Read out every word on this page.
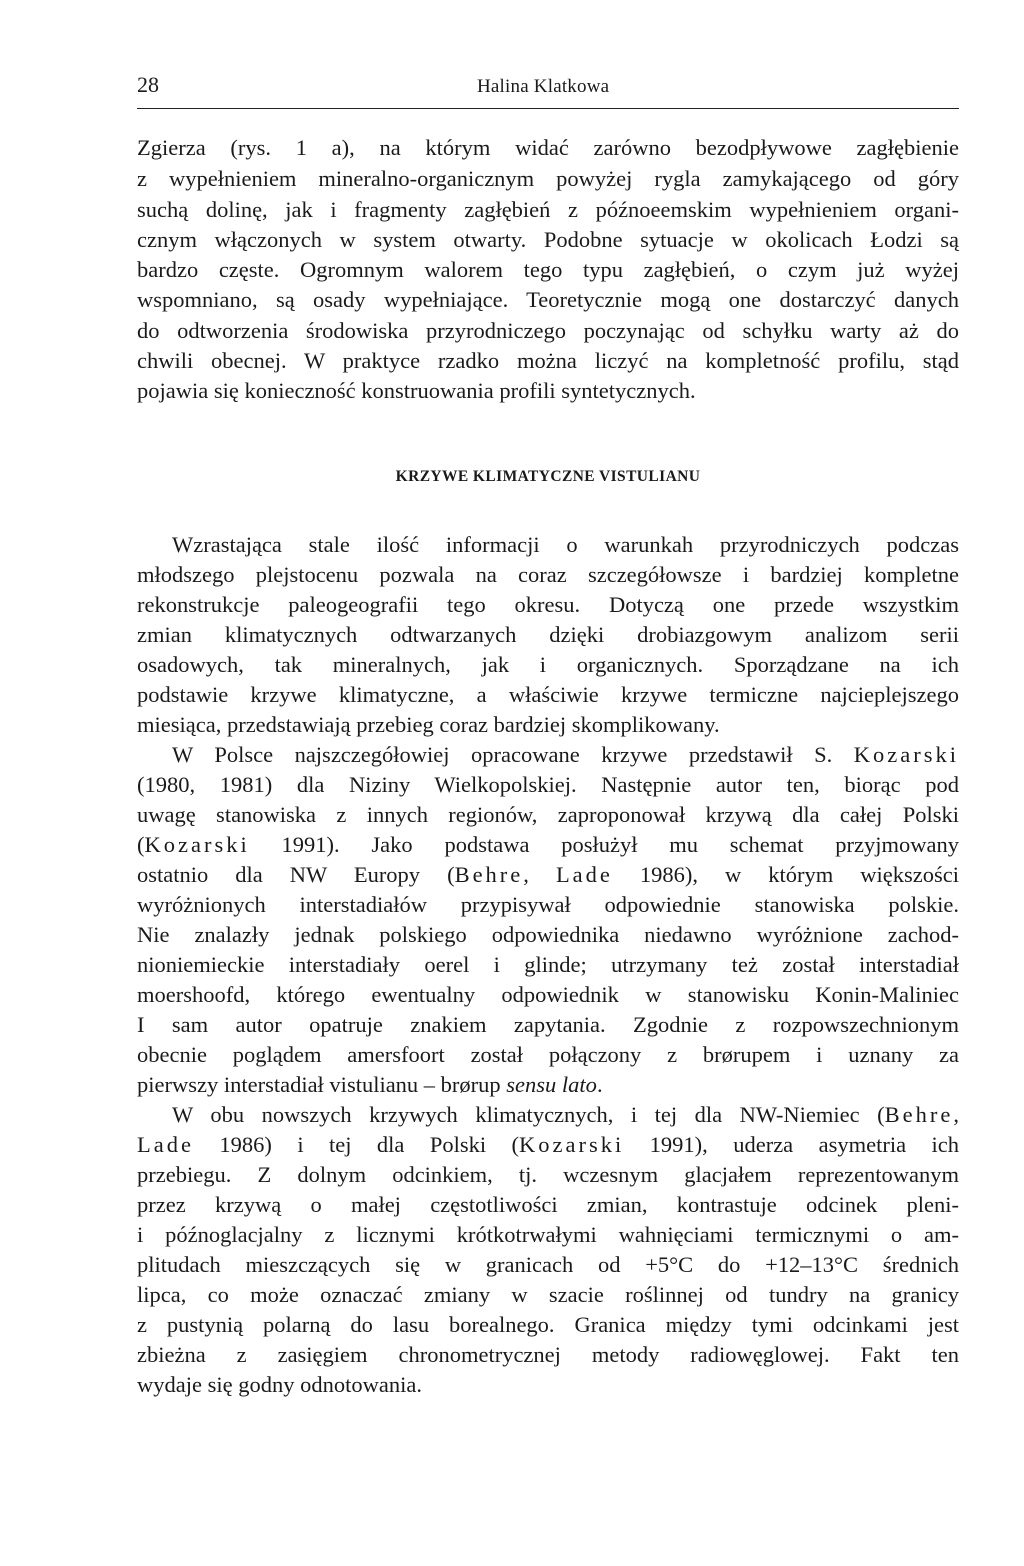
28	Halina Klatkowa
Zgierza (rys. 1 a), na którym widać zarówno bezodpływowe zagłębienie
z wypełnieniem mineralno-organicznym powyżej rygla zamykającego od góry
suchą dolinę, jak i fragmenty zagłębień z późnoeemskim wypełnieniem organi-
cznym włączonych w system otwarty. Podobne sytuacje w okolicach Łodzi są
bardzo częste. Ogromnym walorem tego typu zagłębień, o czym już wyżej
wspomniano, są osady wypełniające. Teoretycznie mogą one dostarczyć danych
do odtworzenia środowiska przyrodniczego poczynając od schyłku warty aż do
chwili obecnej. W praktyce rzadko można liczyć na kompletność profilu, stąd
pojawia się konieczność konstruowania profili syntetycznych.
KRZYWE KLIMATYCZNE VISTULIANU
Wzrastająca stale ilość informacji o warunkah przyrodniczych podczas
młodszego plejstocenu pozwala na coraz szczegółowsze i bardziej kompletne
rekonstrukcje paleogeografii tego okresu. Dotyczą one przede wszystkim
zmian klimatycznych odtwarzanych dzięki drobiazgowym analizom serii
osadowych, tak mineralnych, jak i organicznych. Sporządzane na ich
podstawie krzywe klimatyczne, a właściwie krzywe termiczne najcieplejszego
miesiąca, przedstawiają przebieg coraz bardziej skomplikowany.
W Polsce najszczegółowiej opracowane krzywe przedstawił S. Kozarski
(1980, 1981) dla Niziny Wielkopolskiej. Następnie autor ten, biorąc pod
uwagę stanowiska z innych regionów, zaproponował krzywą dla całej Polski
(Kozarski 1991). Jako podstawa posłużył mu schemat przyjmowany
ostatnio dla NW Europy (Behre, Lade 1986), w którym większości
wyróżnionych interstadiałów przypisywał odpowiednie stanowiska polskie.
Nie znalazły jednak polskiego odpowiednika niedawno wyróżnione zachod-
nioniemieckie interstadiały oerel i glinde; utrzymany też został interstadiał
moershoofd, którego ewentualny odpowiednik w stanowisku Konin-Maliniec
I sam autor opatruje znakiem zapytania. Zgodnie z rozpowszechnionym
obecnie poglądem amersfoort został połączony z brørupem i uznany za
pierwszy interstadiał vistulianu – brørup sensu lato.
W obu nowszych krzywych klimatycznych, i tej dla NW-Niemiec (Behre,
Lade 1986) i tej dla Polski (Kozarski 1991), uderza asymetria ich
przebiegu. Z dolnym odcinkiem, tj. wczesnym glacjałem reprezentowanym
przez krzywą o małej częstotliwości zmian, kontrastuje odcinek pleni-
i późnoglacjalny z licznymi krótkotrwałymi wahnięciami termicznymi o am-
plitudach mieszczących się w granicach od +5°C do +12–13°C średnich
lipca, co może oznaczać zmiany w szacie roślinnej od tundry na granicy
z pustynią polarną do lasu borealnego. Granica między tymi odcinkami jest
zbieżna z zasięgiem chronometrycznej metody radiowęglowej. Fakt ten
wydaje się godny odnotowania.
